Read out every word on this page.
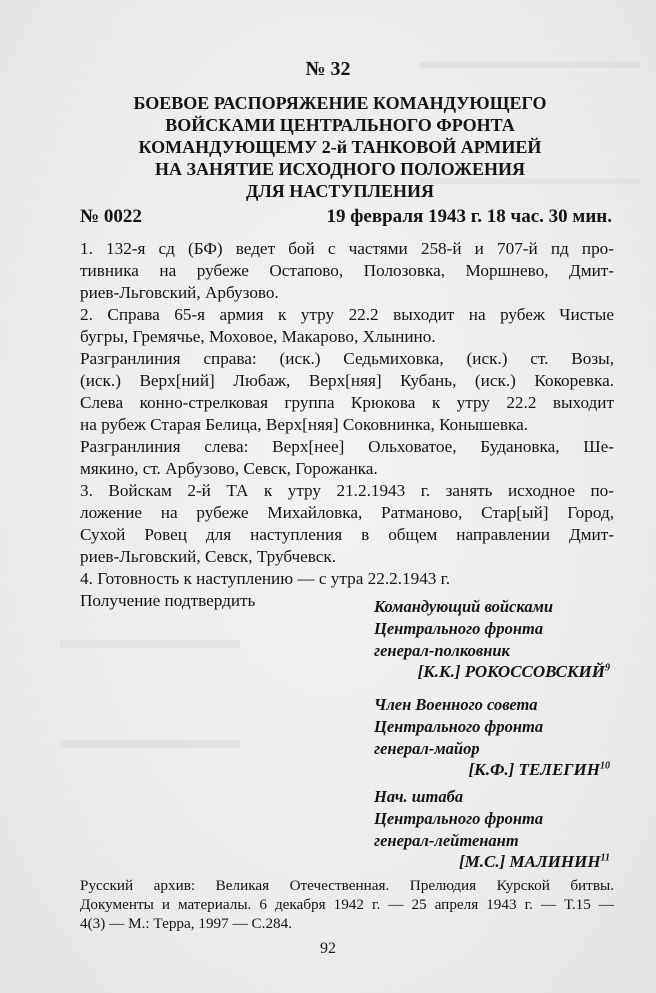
№ 32
БОЕВОЕ РАСПОРЯЖЕНИЕ КОМАНДУЮЩЕГО
ВОЙСКАМИ ЦЕНТРАЛЬНОГО ФРОНТА
КОМАНДУЮЩЕМУ 2-й ТАНКОВОЙ АРМИЕЙ
НА ЗАНЯТИЕ ИСХОДНОГО ПОЛОЖЕНИЯ
ДЛЯ НАСТУПЛЕНИЯ
№ 0022	19 февраля 1943 г. 18 час. 30 мин.
1. 132-я сд (БФ) ведет бой с частями 258-й и 707-й пд про-
тивника на рубеже Остапово, Полозовка, Моршнево, Дмит-
риев-Льговский, Арбузово.
2. Справа 65-я армия к утру 22.2 выходит на рубеж Чистые
бугры, Гремячье, Моховое, Макарово, Хлынино.
Разгранлиния справа: (иск.) Седьмиховка, (иск.) ст. Возы,
(иск.) Верх[ний] Любаж, Верх[няя] Кубань, (иск.) Кокоревка.
Слева конно-стрелковая группа Крюкова к утру 22.2 выходит
на рубеж Старая Белица, Верх[няя] Соковнинка, Конышевка.
Разгранлиния слева: Верх[нее] Ольховатое, Будановка, Ше-
мякино, ст. Арбузово, Севск, Горожанка.
3. Войскам 2-й ТА к утру 21.2.1943 г. занять исходное по-
ложение на рубеже Михайловка, Ратманово, Стар[ый] Город,
Сухой Ровец для наступления в общем направлении Дмит-
риев-Льговский, Севск, Трубчевск.
4. Готовность к наступлению — с утра 22.2.1943 г.
Получение подтвердить	Командующий войсками
Центрального фронта
генерал-полковник
[К.К.] РОКОССОВСКИЙ$^9$
Член Военного совета
Центрального фронта
генерал-майор
[К.Ф.] ТЕЛЕГИН$^{10}$
Нач. штаба
Центрального фронта
генерал-лейтенант
[М.С.] МАЛИНИН$^{11}$
Русский архив: Великая Отечественная. Прелюдия Курской битвы.
Документы и материалы. 6 декабря 1942 г. — 25 апреля 1943 г. — Т.15 —
4(3) — М.: Терра, 1997 — С.284.
92
